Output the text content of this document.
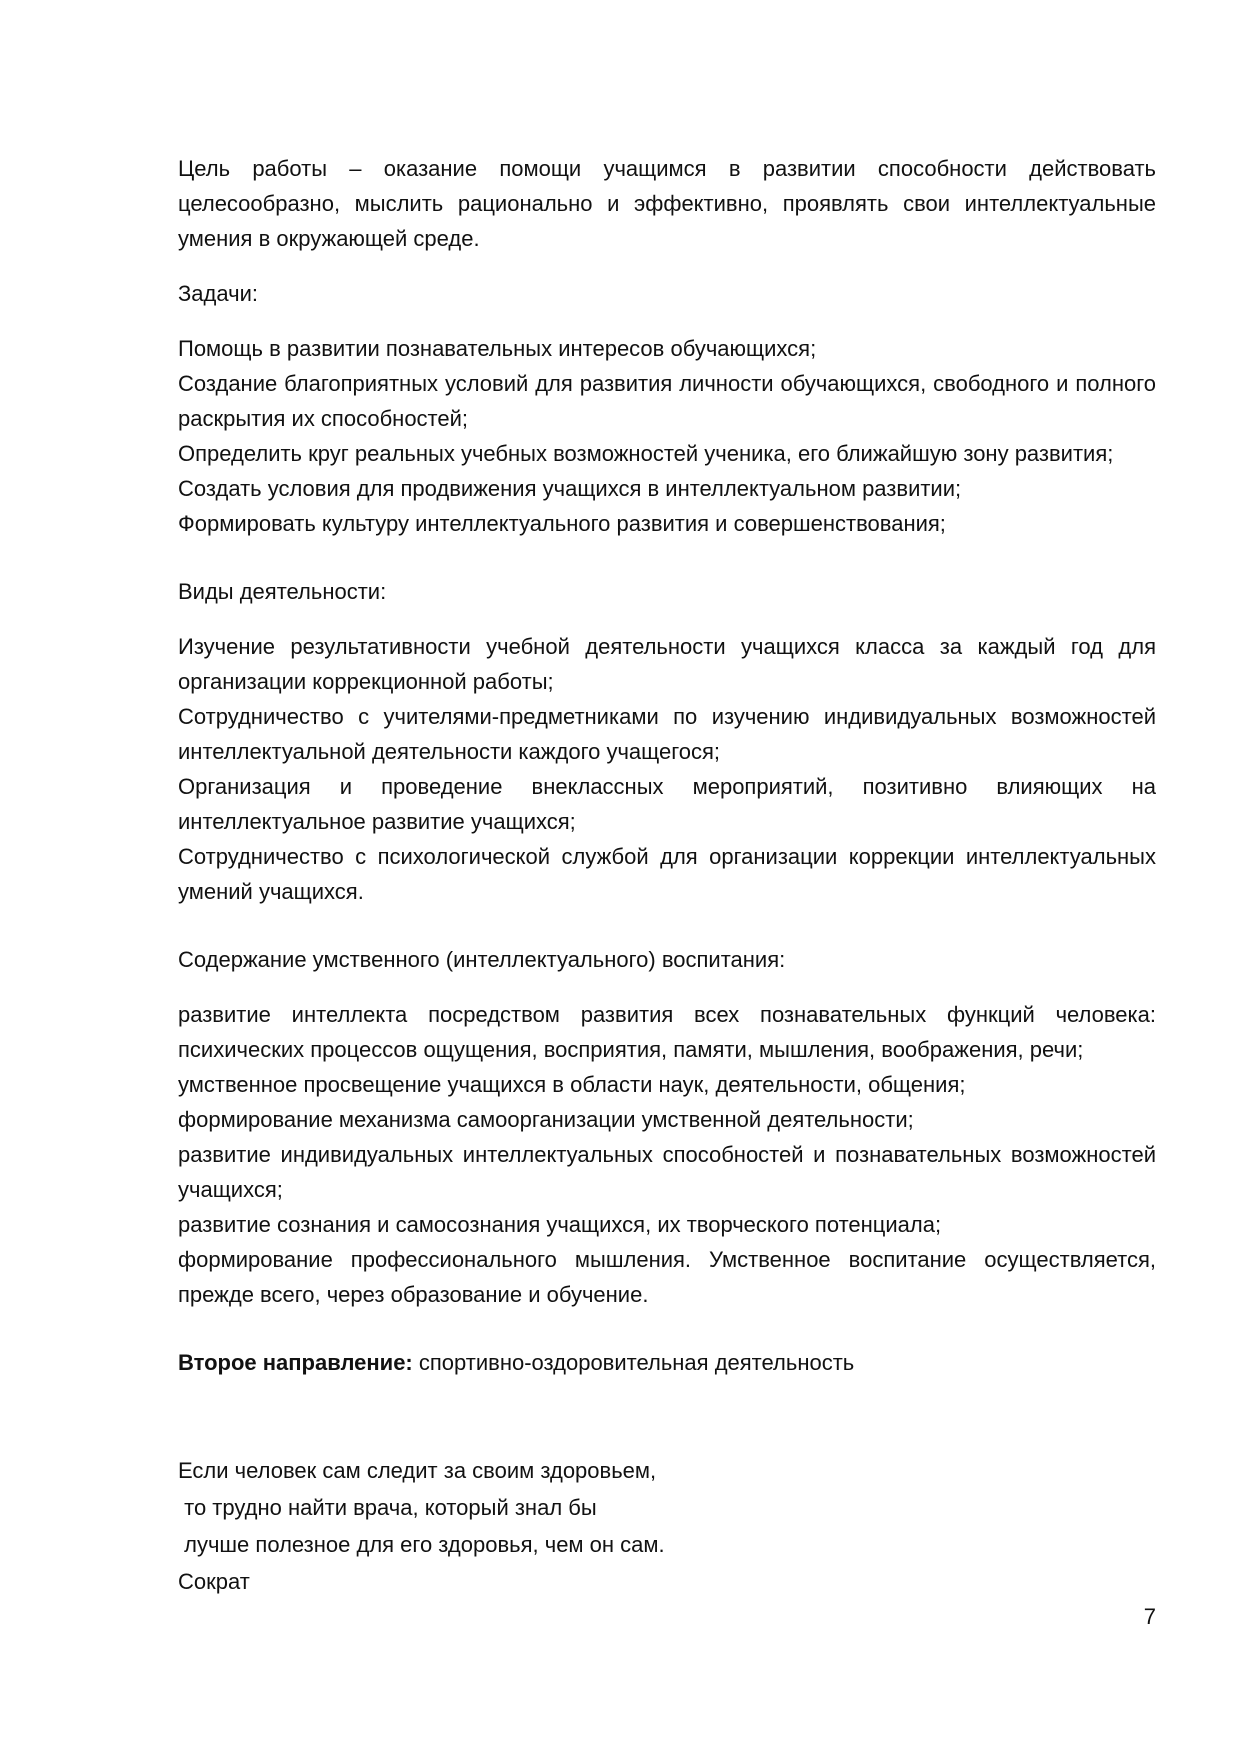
Цель работы – оказание помощи учащимся в развитии способности действовать целесообразно, мыслить рационально и эффективно, проявлять свои интеллектуальные умения в окружающей среде.

Задачи:

Помощь в развитии познавательных интересов обучающихся;

Создание благоприятных условий для развития личности обучающихся, свободного и полного раскрытия их способностей;

Определить круг реальных учебных возможностей ученика, его ближайшую зону развития;

Создать условия для продвижения учащихся в интеллектуальном развитии;

Формировать культуру интеллектуального развития и совершенствования;

Виды деятельности:

Изучение результативности учебной деятельности учащихся класса за каждый год для организации коррекционной работы;

Сотрудничество с учителями-предметниками по изучению индивидуальных возможностей интеллектуальной деятельности каждого учащегося;

Организация и проведение внеклассных мероприятий, позитивно влияющих на интеллектуальное развитие учащихся;

Сотрудничество с психологической службой для организации коррекции интеллектуальных умений учащихся.

Содержание умственного (интеллектуального) воспитания:

развитие интеллекта посредством развития всех познавательных функций человека: психических процессов ощущения, восприятия, памяти, мышления, воображения, речи;

умственное просвещение учащихся в области наук, деятельности, общения;

формирование механизма самоорганизации умственной деятельности;

развитие индивидуальных интеллектуальных способностей и познавательных возможностей учащихся;

развитие сознания и самосознания учащихся, их творческого потенциала;

формирование профессионального мышления. Умственное воспитание осуществляется, прежде всего, через образование и обучение.

Второе направление: спортивно-оздоровительная деятельность

Если человек сам следит за своим здоровьем,

то трудно найти врача, который знал бы

лучше полезное для его здоровья, чем он сам.

Сократ

7
